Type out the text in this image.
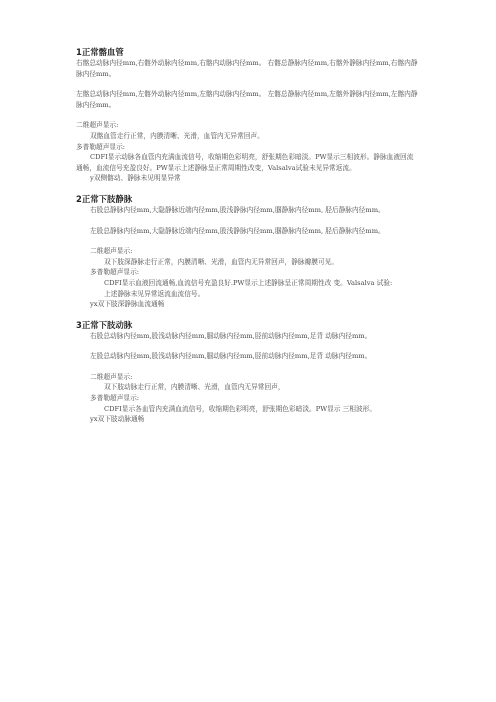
1正常髂血管

右髂总动脉内径mm,右髂外动脉内径mm,右髂内动脉内径mm。 右髂总静脉内径mm,右髂外静脉内径mm,右髂内静脉内径mm。

左髂总动脉内径mm,左髂外动脉内径mm,左髂内动脉内径mm。 左髂总静脉内径mm,左髂外静脉内径mm,左髂内静脉内径mm。

二维超声显示:

双髂血管走行正常，内膜清晰、光滑，血管内无异常回声。

多普勒超声显示:

CDFI显示动脉各血管内充满血流信号，收缩期色彩明亮，舒张期色彩暗淡。PW显示三相波形。静脉血液回流通畅，血流信号充盈良好。PW显示上述静脉呈正常周期性改变，Valsalva试验未见异常返流。

y双侧髂动、静脉未见明显异常

2正常下肢静脉

右股总静脉内径mm,大隐静脉近端内径mm,股浅静脉内径mm,腘静脉内径mm, 胫后静脉内径mm。

左股总静脉内径mm,大隐静脉近端内径mm,股浅静脉内径mm,腘静脉内径mm, 胫后静脉内径mm。

二维超声显示:

双下肢深静脉走行正常，内膜清晰、光滑，血管内无异常回声，静脉瓣膜可见。

多普勒超声显示:

CDFI显示血液回流通畅,血流信号充盈良好.PW显示上述静脉呈正常周期性改 变。Valsalva 试验:

上述静脉未见异常返流血流信号。

yx双下肢深静脉血流通畅

3正常下肢动脉

右股总动脉内径mm,股浅动脉内径mm,腘动脉内径mm,胫前动脉内径mm,足背 动脉内径mm。

左股总动脉内径mm,股浅动脉内径mm,腘动脉内径mm,胫前动脉内径mm,足背 动脉内径mm。

二维超声显示:

双下肢动脉走行正常，内膜清晰、光滑，血管内无异常回声，

多普勒超声显示:

CDFI显示各血管内充满血流信号，收缩期色彩明亮，舒张期色彩暗淡。PW显示 三相波形。

yx双下肢动脉通畅
